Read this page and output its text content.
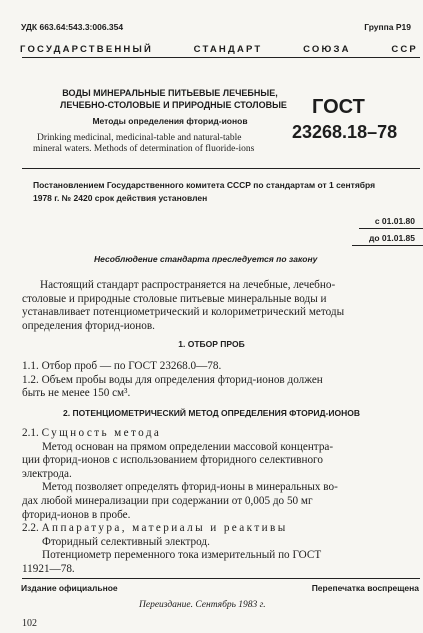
УДК 663.64:543.3:006.354	Группа Р19
ГОСУДАРСТВЕННЫЙ	СТАНДАРТ	СОЮЗА	ССР
ВОДЫ МИНЕРАЛЬНЫЕ ПИТЬЕВЫЕ ЛЕЧЕБНЫЕ,
ЛЕЧЕБНО-СТОЛОВЫЕ И ПРИРОДНЫЕ СТОЛОВЫЕ
Методы определения фторид-ионов
ГОСТ
23268.18–78
Drinking medicinal, medicinal-table and natural-table
mineral waters. Methods of determination of fluoride-ions
Постановлением Государственного комитета СССР по стандартам от 1 сентября
1978 г. № 2420 срок действия установлен
с 01.01.80
до 01.01.85
Несоблюдение стандарта преследуется по закону
Настоящий стандарт распространяется на лечебные, лечебно-
столовые и природные столовые питьевые минеральные воды и
устанавливает потенциометрический и колориметрический методы
определения фторид-ионов.
1. ОТБОР ПРОБ
1.1. Отбор проб — по ГОСТ 23268.0—78.
1.2. Объем пробы воды для определения фторид-ионов должен
быть не менее 150 см³.
2. ПОТЕНЦИОМЕТРИЧЕСКИЙ МЕТОД ОПРЕДЕЛЕНИЯ ФТОРИД-ИОНОВ
2.1. Сущность метода
Метод основан на прямом определении массовой концентра-
ции фторид-ионов с использованием фторидного селективного
электрода.
Метод позволяет определять фторид-ионы в минеральных во-
дах любой минерализации при содержании от 0,005 до 50 мг
фторид-ионов в пробе.
2.2. Аппаратура, материалы и реактивы
Фторидный селективный электрод.
Потенциометр переменного тока измерительный по ГОСТ
11921—78.
Издание официальное	Перепечатка воспрещена
Переиздание. Сентябрь 1983 г.
102
